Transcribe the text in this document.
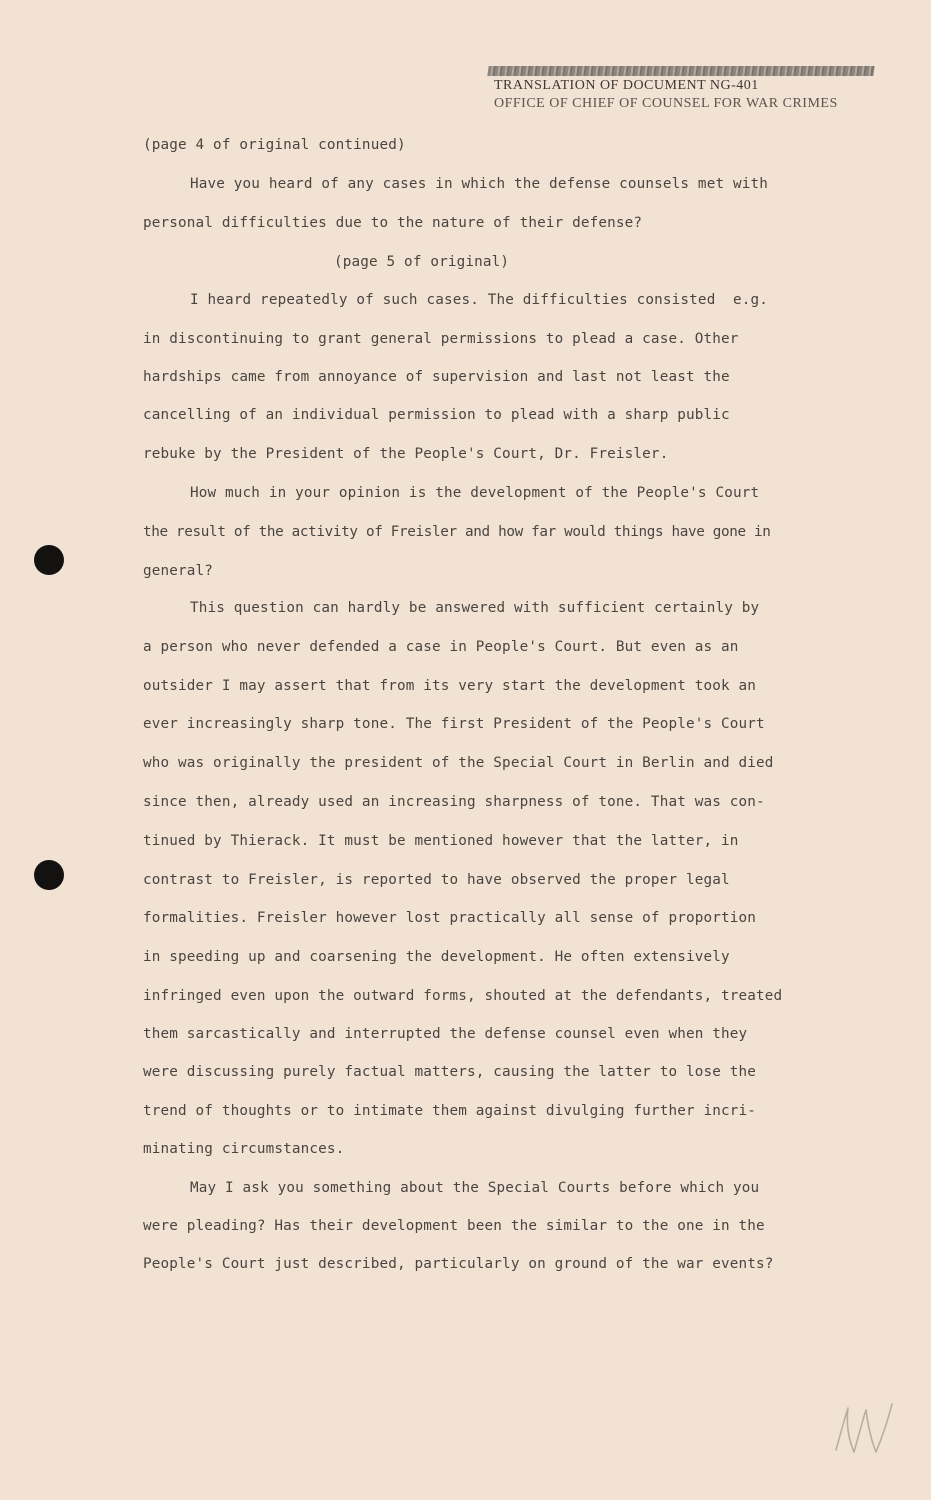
TRANSLATION OF DOCUMENT NG-401
OFFICE OF CHIEF OF COUNSEL FOR WAR CRIMES
(page 4 of original continued)
Have you heard of any cases in which the defense counsels met with
personal difficulties due to the nature of their defense?
(page 5 of original)
I heard repeatedly of such cases. The difficulties consisted  e.g.
in discontinuing to grant general permissions to plead a case. Other
hardships came from annoyance of supervision and last not least the
cancelling of an individual permission to plead with a sharp public
rebuke by the President of the People's Court, Dr. Freisler.
How much in your opinion is the development of the People's Court
the result of the activity of Freisler and how far would things have gone in
general?
This question can hardly be answered with sufficient certainly by
a person who never defended a case in People's Court. But even as an
outsider I may assert that from its very start the development took an
ever increasingly sharp tone. The first President of the People's Court
who was originally the president of the Special Court in Berlin and died
since then, already used an increasing sharpness of tone. That was con-
tinued by Thierack. It must be mentioned however that the latter, in
contrast to Freisler, is reported to have observed the proper legal
formalities. Freisler however lost practically all sense of proportion
in speeding up and coarsening the development. He often extensively
infringed even upon the outward forms, shouted at the defendants, treated
them sarcastically and interrupted the defense counsel even when they
were discussing purely factual matters, causing the latter to lose the
trend of thoughts or to intimate them against divulging further incri-
minating circumstances.
May I ask you something about the Special Courts before which you
were pleading? Has their development been the similar to the one in the
People's Court just described, particularly on ground of the war events?
